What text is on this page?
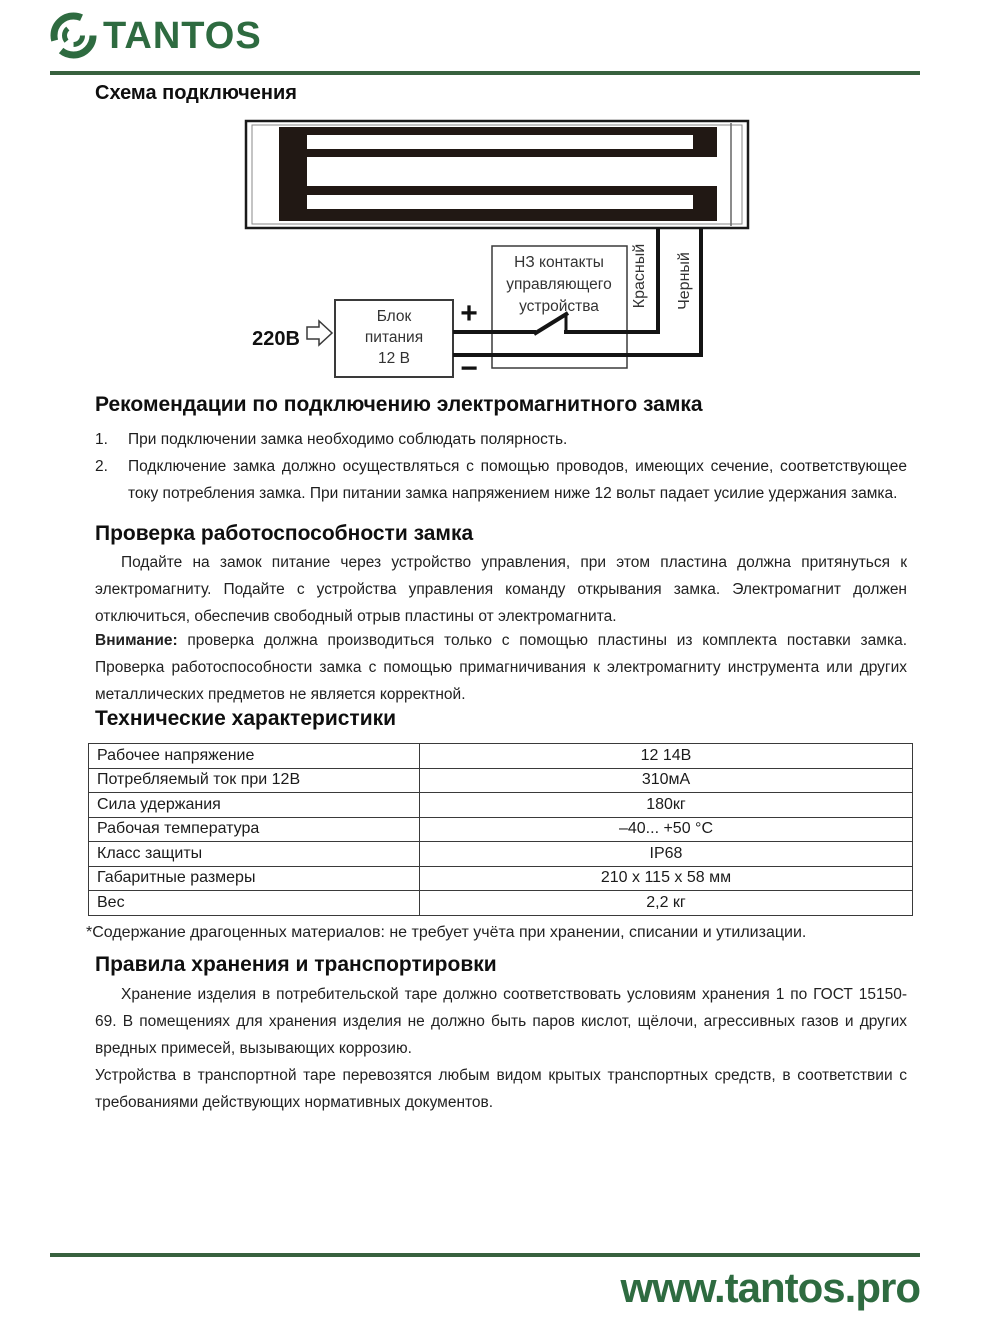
TANTOS
Схема подключения
НЗ контакты
управляющего
устройства
Блок
питания
12 В
220В
+
−
Красный Черный
Рекомендации по подключению электромагнитного замка
1.	При подключении замка необходимо соблюдать полярность.
2.	Подключение замка должно осуществляться с помощью проводов, имеющих сечение, соответствующее току потребления замка. При питании замка напряжением ниже 12 вольт падает усилие удержания замка.
Проверка работоспособности замка

Подайте на замок питание через устройство управления, при этом пластина должна притянуться к электромагниту. Подайте с устройства управления команду открывания замка. Электромагнит должен отключиться, обеспечив свободный отрыв пластины от электромагнита.

Внимание: проверка должна производиться только с помощью пластины из комплекта поставки замка. Проверка работоспособности замка с помощью примагничивания к электромагниту инструмента или других металлических предметов не является корректной.

Технические характеристики
Рабочее напряжение	12 14В
Потребляемый ток при 12В	310мА
Сила удержания	180кг
Рабочая температура	–40... +50 °С
Класс защиты	IP68
Габаритные размеры	210 х 115 х 58 мм
Вес	2,2 кг
*Содержание драгоценных материалов: не требует учёта при хранении, списании и утилизации.
Правила хранения и транспортировки

Хранение изделия в потребительской таре должно соответствовать условиям хранения 1 по ГОСТ 15150-69. В помещениях для хранения изделия не должно быть паров кислот, щёлочи, агрессивных газов и других вредных примесей, вызывающих коррозию.

Устройства в транспортной таре перевозятся любым видом крытых транспортных средств, в соответствии с требованиями действующих нормативных документов.

www.tantos.pro
